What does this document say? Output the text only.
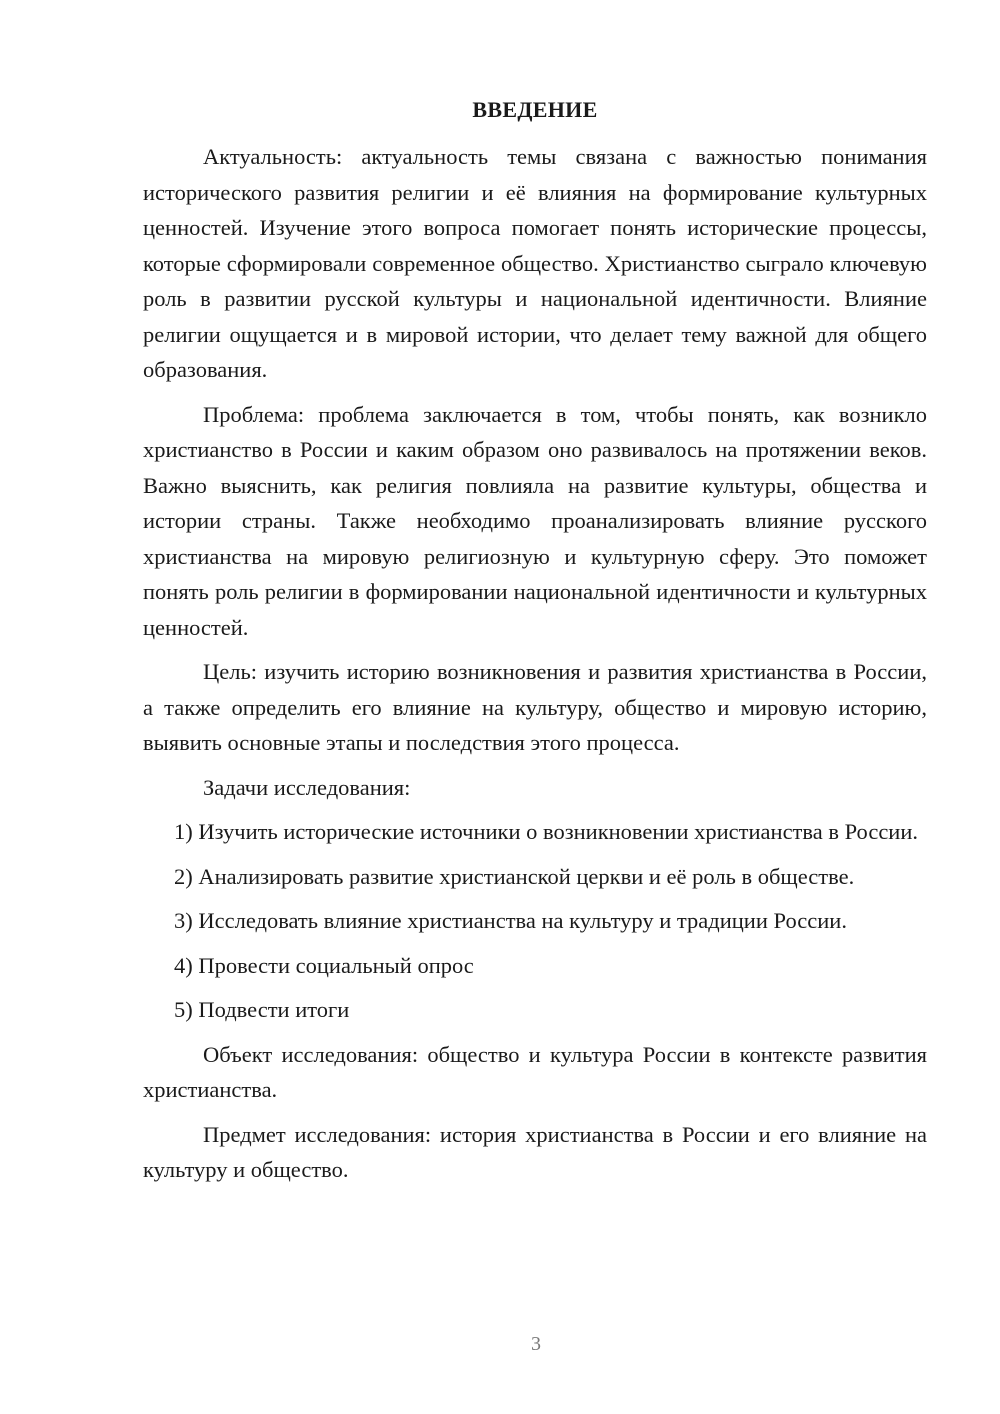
ВВЕДЕНИЕ

Актуальность: актуальность темы связана с важностью понимания исторического развития религии и её влияния на формирование культурных ценностей. Изучение этого вопроса помогает понять исторические процессы, которые сформировали современное общество. Христианство сыграло ключевую роль в развитии русской культуры и национальной идентичности. Влияние религии ощущается и в мировой истории, что делает тему важной для общего образования.

Проблема: проблема заключается в том, чтобы понять, как возникло христианство в России и каким образом оно развивалось на протяжении веков. Важно выяснить, как религия повлияла на развитие культуры, общества и истории страны. Также необходимо проанализировать влияние русского христианства на мировую религиозную и культурную сферу. Это поможет понять роль религии в формировании национальной идентичности и культурных ценностей.

Цель: изучить историю возникновения и развития христианства в России, а также определить его влияние на культуру, общество и мировую историю, выявить основные этапы и последствия этого процесса.

Задачи исследования:

1) Изучить исторические источники о возникновении христианства в России.

2) Анализировать развитие христианской церкви и её роль в обществе.

3) Исследовать влияние христианства на культуру и традиции России.

4) Провести социальный опрос

5) Подвести итоги

Объект исследования: общество и культура России в контексте развития христианства.

Предмет исследования: история христианства в России и его влияние на культуру и общество.

3
